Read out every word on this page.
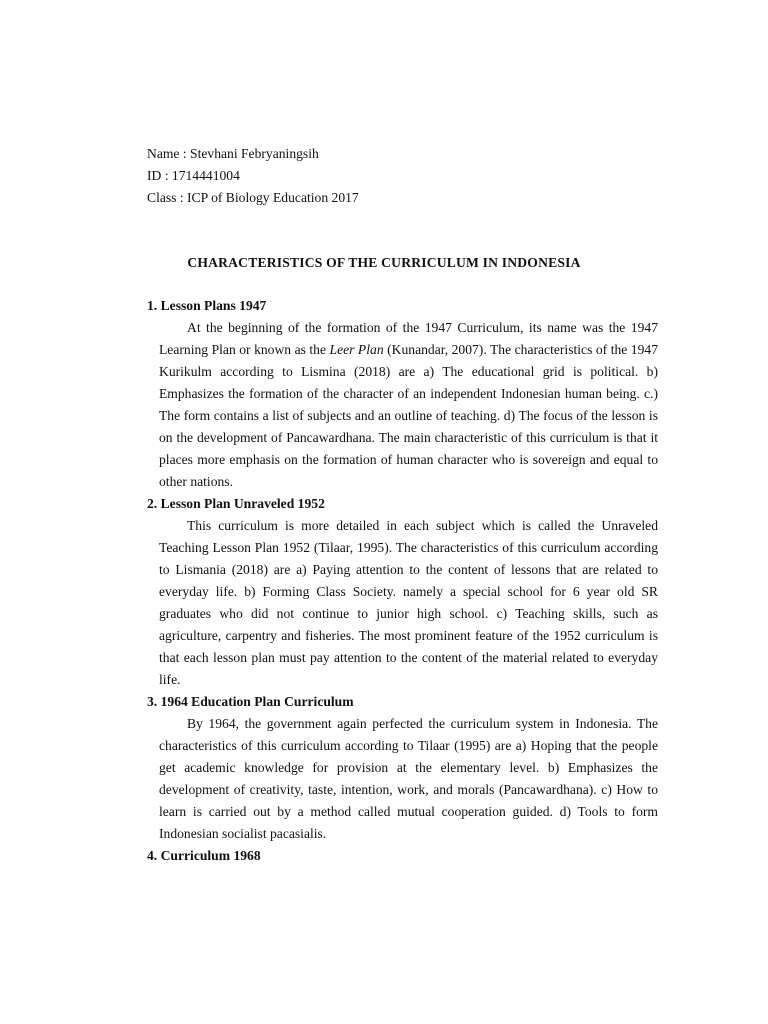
Name : Stevhani Febryaningsih
ID : 1714441004
Class : ICP of Biology Education 2017
CHARACTERISTICS OF THE CURRICULUM IN INDONESIA

1. Lesson Plans 1947

At the beginning of the formation of the 1947 Curriculum, its name was the 1947 Learning Plan or known as the Leer Plan (Kunandar, 2007). The characteristics of the 1947 Kurikulm according to Lismina (2018) are a) The educational grid is political. b) Emphasizes the formation of the character of an independent Indonesian human being. c.) The form contains a list of subjects and an outline of teaching. d) The focus of the lesson is on the development of Pancawardhana. The main characteristic of this curriculum is that it places more emphasis on the formation of human character who is sovereign and equal to other nations.

2. Lesson Plan Unraveled 1952

This curriculum is more detailed in each subject which is called the Unraveled Teaching Lesson Plan 1952 (Tilaar, 1995). The characteristics of this curriculum according to Lismania (2018) are a) Paying attention to the content of lessons that are related to everyday life. b) Forming Class Society. namely a special school for 6 year old SR graduates who did not continue to junior high school. c) Teaching skills, such as agriculture, carpentry and fisheries. The most prominent feature of the 1952 curriculum is that each lesson plan must pay attention to the content of the material related to everyday life.

3. 1964 Education Plan Curriculum

By 1964, the government again perfected the curriculum system in Indonesia. The characteristics of this curriculum according to Tilaar (1995) are a) Hoping that the people get academic knowledge for provision at the elementary level. b) Emphasizes the development of creativity, taste, intention, work, and morals (Pancawardhana). c) How to learn is carried out by a method called mutual cooperation guided. d) Tools to form Indonesian socialist pacasialis.

4. Curriculum 1968
